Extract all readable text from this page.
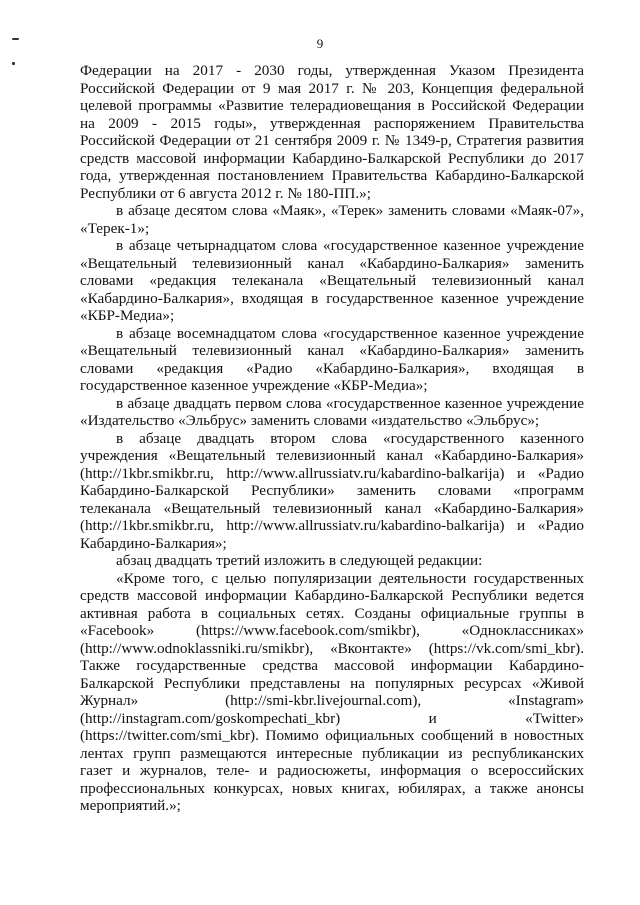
9

Федерации на 2017 - 2030 годы, утвержденная Указом Президента Российской Федерации от 9 мая 2017 г. № 203, Концепция федеральной целевой программы «Развитие телерадиовещания в Российской Федерации на 2009 - 2015 годы», утвержденная распоряжением Правительства Российской Федерации от 21 сентября 2009 г. № 1349-р, Стратегия развития средств массовой информации Кабардино-Балкарской Республики до 2017 года, утвержденная постановлением Правительства Кабардино-Балкарской Республики от 6 августа 2012 г. № 180-ПП.»;

в абзаце десятом слова «Маяк», «Терек» заменить словами «Маяк-07», «Терек-1»;

в абзаце четырнадцатом слова «государственное казенное учреждение «Вещательный телевизионный канал «Кабардино-Балкария» заменить словами «редакция телеканала «Вещательный телевизионный канал «Кабардино-Балкария», входящая в государственное казенное учреждение «КБР-Медиа»;

в абзаце восемнадцатом слова «государственное казенное учреждение «Вещательный телевизионный канал «Кабардино-Балкария» заменить словами «редакция «Радио «Кабардино-Балкария», входящая в государственное казенное учреждение «КБР-Медиа»;

в абзаце двадцать первом слова «государственное казенное учреждение «Издательство «Эльбрус» заменить словами «издательство «Эльбрус»;

в абзаце двадцать втором слова «государственного казенного учреждения «Вещательный телевизионный канал «Кабардино-Балкария» (http://1kbr.smikbr.ru, http://www.allrussiatv.ru/kabardino-balkarija) и «Радио Кабардино-Балкарской Республики» заменить словами «программ телеканала «Вещательный телевизионный канал «Кабардино-Балкария» (http://1kbr.smikbr.ru, http://www.allrussiatv.ru/kabardino-balkarija) и «Радио Кабардино-Балкария»;

абзац двадцать третий изложить в следующей редакции:

«Кроме того, с целью популяризации деятельности государственных средств массовой информации Кабардино-Балкарской Республики ведется активная работа в социальных сетях. Созданы официальные группы в «Facebook» (https://www.facebook.com/smikbr), «Одноклассниках» (http://www.odnoklassniki.ru/smikbr), «Вконтакте» (https://vk.com/smi_kbr). Также государственные средства массовой информации Кабардино-Балкарской Республики представлены на популярных ресурсах «Живой Журнал» (http://smi-kbr.livejournal.com), «Instagram» (http://instagram.com/goskompechati_kbr) и «Twitter» (https://twitter.com/smi_kbr). Помимо официальных сообщений в новостных лентах групп размещаются интересные публикации из республиканских газет и журналов, теле- и радиосюжеты, информация о всероссийских профессиональных конкурсах, новых книгах, юбилярах, а также анонсы мероприятий.»;
